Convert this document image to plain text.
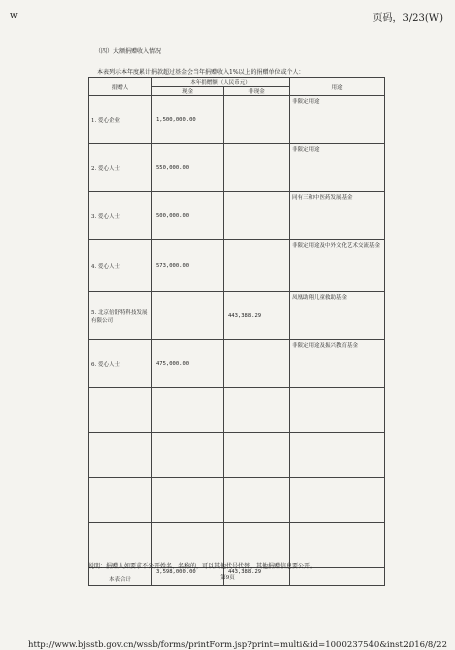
w	页码，3/23(W)
（四）大额捐赠收入情况
本表列示本年度累计捐款超过基金会当年捐赠收入1%以上的捐赠单位或个人：
捐赠人	本年捐赠额（人民币元）		用途
	现金	非现金	
1. 爱心企业	1,500,000.00		非限定用途
2. 爱心人士	550,000.00		非限定用途
3. 爱心人士	500,000.00		同有三和中医药发展基金
4. 爱心人士	573,000.00		非限定用途及中外文化艺术交流基金
5. 北京倍舒特科技发展有限公司		443,388.29	凤凰助翔儿童救助基金
6. 爱心人士	475,000.00		非限定用途及振兴教育基金

本表合计	3,598,000.00	443,388.29	
说明：捐赠人如要求不公开姓名、名称的，可以其他代号代替，其他捐赠信息要公开。
第9页
http://www.bjsstb.gov.cn/wssb/forms/printForm.jsp?print=multi&id=1000237540&inst...
2016/8/22
